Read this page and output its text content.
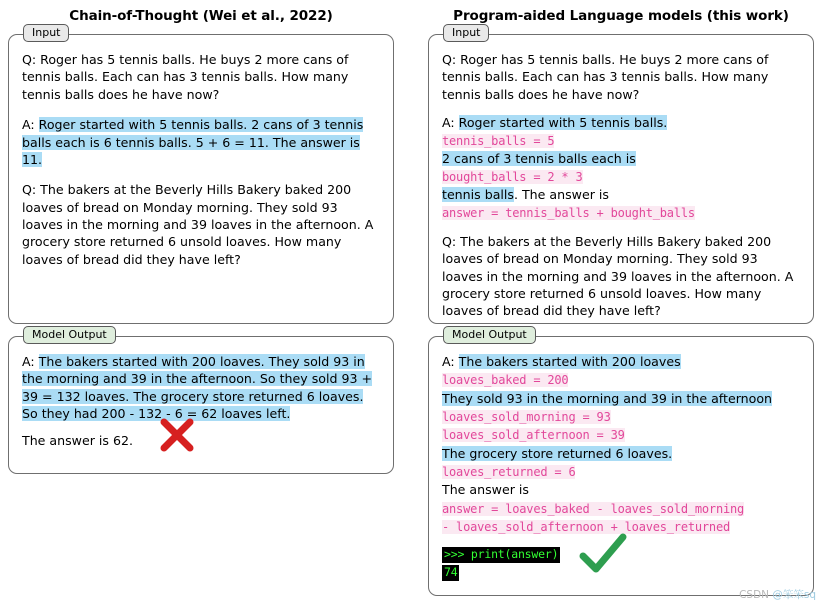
Chain-of-Thought (Wei et al., 2022)
Input

Q: Roger has 5 tennis balls. He buys 2 more cans of tennis balls. Each can has 3 tennis balls. How many tennis balls does he have now?

A: Roger started with 5 tennis balls. 2 cans of 3 tennis balls each is 6 tennis balls. 5 + 6 = 11. The answer is 11.

Q: The bakers at the Beverly Hills Bakery baked 200 loaves of bread on Monday morning. They sold 93 loaves in the morning and 39 loaves in the afternoon. A grocery store returned 6 unsold loaves. How many loaves of bread did they have left?

Model Output

A: The bakers started with 200 loaves. They sold 93 in the morning and 39 in the afternoon. So they sold 93 + 39 = 132 loaves. The grocery store returned 6 loaves. So they had 200 - 132 - 6 = 62 loaves left.

The answer is 62.

Program-aided Language models (this work)
Input

Q: Roger has 5 tennis balls. He buys 2 more cans of tennis balls. Each can has 3 tennis balls. How many tennis balls does he have now?

A: Roger started with 5 tennis balls.
tennis_balls = 5
2 cans of 3 tennis balls each is
bought_balls = 2 * 3
tennis balls. The answer is
answer = tennis_balls + bought_balls

Q: The bakers at the Beverly Hills Bakery baked 200 loaves of bread on Monday morning. They sold 93 loaves in the morning and 39 loaves in the afternoon. A grocery store returned 6 unsold loaves. How many loaves of bread did they have left?

Model Output
A: The bakers started with 200 loaves
loaves_baked = 200
They sold 93 in the morning and 39 in the afternoon
loaves_sold_morning = 93
loaves_sold_afternoon = 39
The grocery store returned 6 loaves.
loaves_returned = 6
The answer is
answer = loaves_baked - loaves_sold_morning
- loaves_sold_afternoon + loaves_returned
>>> print(answer)
74
CSDN @笨笨sq
